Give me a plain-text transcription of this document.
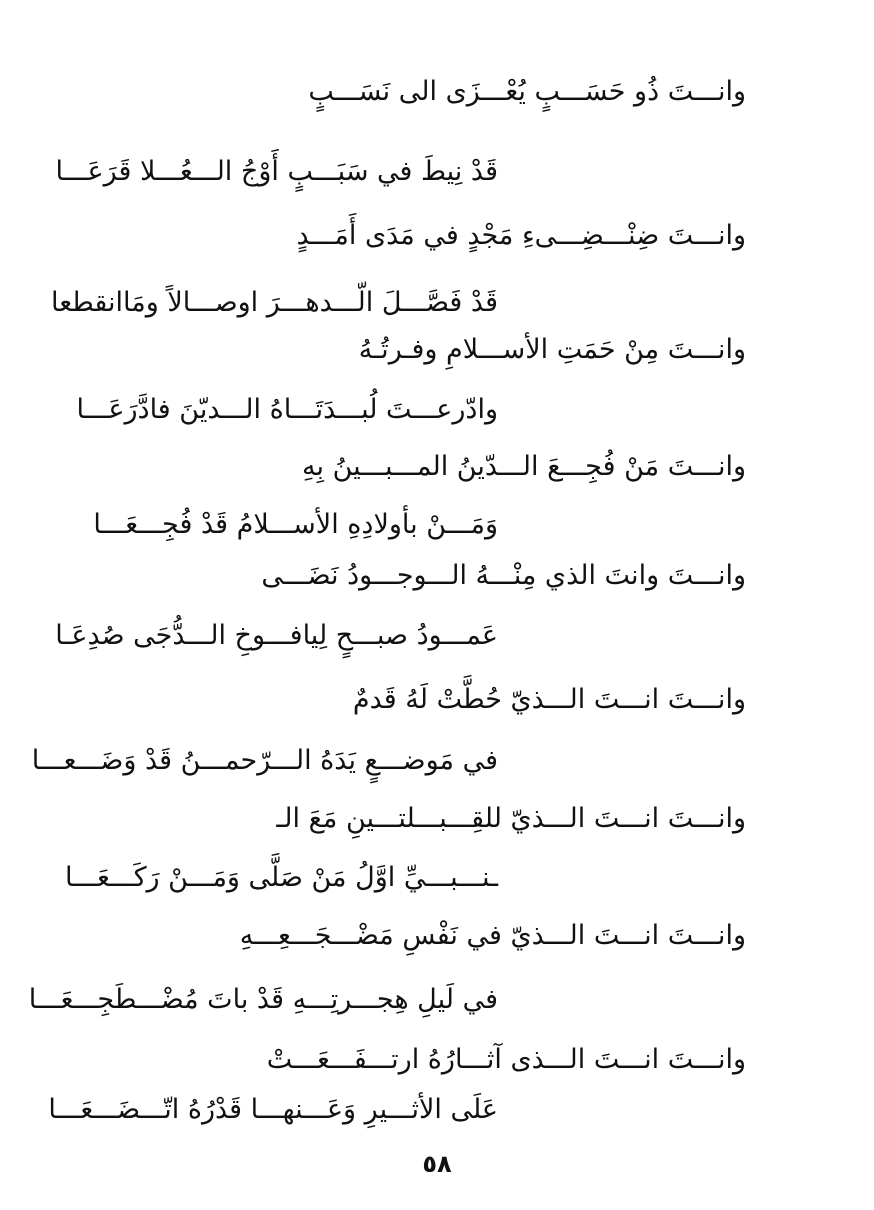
وانـــتَ ذُو حَسَـــبٍ يُعْـــزَى الى نَسَـــبٍ
قَدْ نِيطَ في سَبَـــبٍ أَوْجُ الـــعُـــلا قَرَعَـــا
وانـــتَ ضِنْـــضِـــىءِ مَجْدٍ في مَدَى أَمَـــدٍ
قَدْ فَصَّـــلَ الّـــدهـــرَ اوصـــالاً ومَاانقطعا
وانـــتَ مِنْ حَمَتِ الأســـلامِ وفـرتُـهُ
وادّرعـــتَ لُبـــدَتَـــاهُ الـــديّنَ فادَّرَعَـــا
وانـــتَ مَنْ فُجِـــعَ الـــدّينُ المـــبـــينُ بِهِ
وَمَـــنْ بأولادِهِ الأســـلامُ قَدْ فُجِـــعَـــا
وانـــتَ وانتَ الذي مِنْـــهُ الـــوجـــودُ نَضَـــى
عَمـــودُ صبـــحٍ لِيافـــوخِ الـــدُّجَى صُدِعَـا
وانـــتَ انـــتَ الـــذيّ حُطَّتْ لَهُ قَدمٌ
في مَوضـــعٍ يَدَهُ الـــرّحمـــنُ قَدْ وَضَـــعـــا
وانـــتَ انـــتَ الـــذيّ للقِـــبـــلتـــينِ مَعَ الـ
ـنـــبـــيِّ اوَّلُ مَنْ صَلَّى وَمَـــنْ رَكَـــعَـــا
وانـــتَ انـــتَ الـــذيّ في نَفْسِ مَضْـــجَـــعِـــهِ
في لَيلِ هِجـــرتِـــهِ قَدْ باتَ مُضْـــطَجِـــعَـــا
وانـــتَ انـــتَ الـــذى آثـــارُهُ ارتـــفَـــعَـــتْ
عَلَى الأثـــيرِ وَعَـــنهـــا قَدْرُهُ اتّـــضَـــعَـــا
٥٨
